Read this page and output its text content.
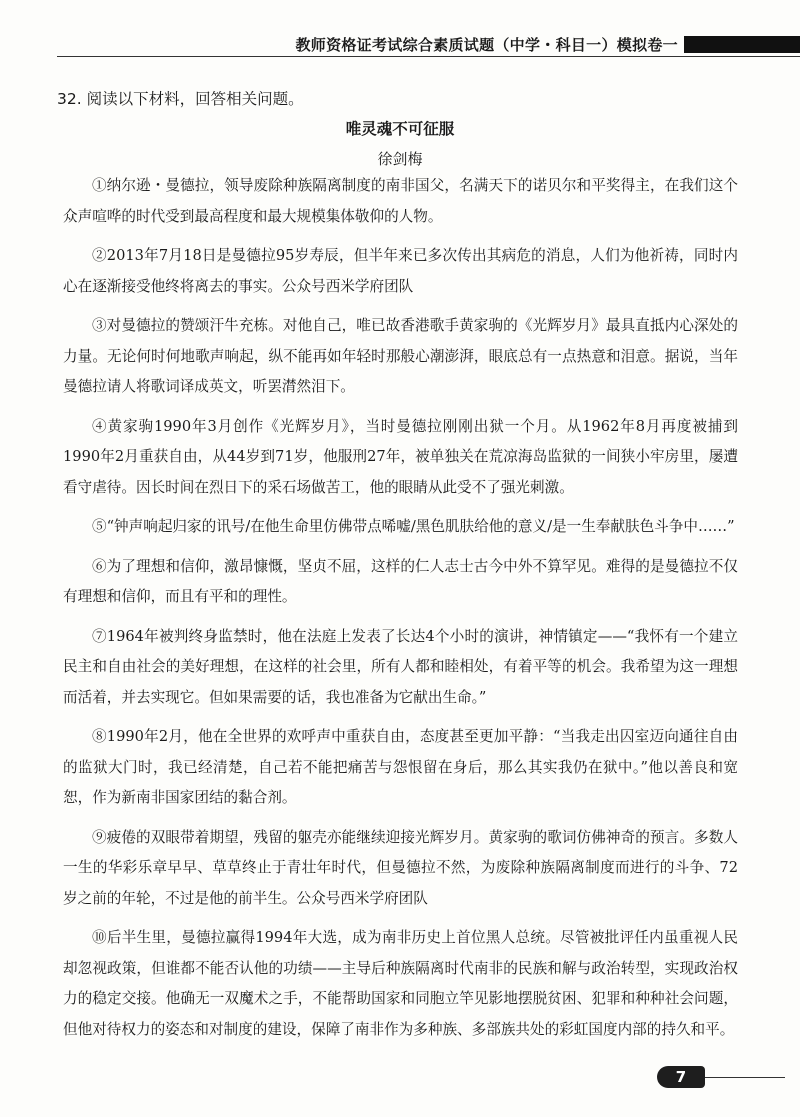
教师资格证考试综合素质试题（中学・科目一）模拟卷一
32. 阅读以下材料，回答相关问题。
唯灵魂不可征服
徐剑梅

①纳尔逊・曼德拉，领导废除种族隔离制度的南非国父，名满天下的诺贝尔和平奖得主，在我们这个众声喧哗的时代受到最高程度和最大规模集体敬仰的人物。

②2013年7月18日是曼德拉95岁寿辰，但半年来已多次传出其病危的消息，人们为他祈祷，同时内心在逐渐接受他终将离去的事实。公众号西米学府团队

③对曼德拉的赞颂汗牛充栋。对他自己，唯已故香港歌手黄家驹的《光辉岁月》最具直抵内心深处的力量。无论何时何地歌声响起，纵不能再如年轻时那般心潮澎湃，眼底总有一点热意和泪意。据说，当年曼德拉请人将歌词译成英文，听罢潸然泪下。

④黄家驹1990年3月创作《光辉岁月》，当时曼德拉刚刚出狱一个月。从1962年8月再度被捕到1990年2月重获自由，从44岁到71岁，他服刑27年，被单独关在荒凉海岛监狱的一间狭小牢房里，屡遭看守虐待。因长时间在烈日下的采石场做苦工，他的眼睛从此受不了强光刺激。

⑤“钟声响起归家的讯号/在他生命里仿佛带点唏嘘/黑色肌肤给他的意义/是一生奉献肤色斗争中……”

⑥为了理想和信仰，激昂慷慨，坚贞不屈，这样的仁人志士古今中外不算罕见。难得的是曼德拉不仅有理想和信仰，而且有平和的理性。

⑦1964年被判终身监禁时，他在法庭上发表了长达4个小时的演讲，神情镇定——“我怀有一个建立民主和自由社会的美好理想，在这样的社会里，所有人都和睦相处，有着平等的机会。我希望为这一理想而活着，并去实现它。但如果需要的话，我也准备为它献出生命。”

⑧1990年2月，他在全世界的欢呼声中重获自由，态度甚至更加平静：“当我走出囚室迈向通往自由的监狱大门时，我已经清楚，自己若不能把痛苦与怨恨留在身后，那么其实我仍在狱中。”他以善良和宽恕，作为新南非国家团结的黏合剂。

⑨疲倦的双眼带着期望，残留的躯壳亦能继续迎接光辉岁月。黄家驹的歌词仿佛神奇的预言。多数人一生的华彩乐章早早、草草终止于青壮年时代，但曼德拉不然，为废除种族隔离制度而进行的斗争、72岁之前的年轮，不过是他的前半生。公众号西米学府团队

⑩后半生里，曼德拉赢得1994年大选，成为南非历史上首位黑人总统。尽管被批评任内虽重视人民却忽视政策，但谁都不能否认他的功绩——主导后种族隔离时代南非的民族和解与政治转型，实现政治权力的稳定交接。他确无一双魔术之手，不能帮助国家和同胞立竿见影地摆脱贫困、犯罪和种种社会问题，但他对待权力的姿态和对制度的建设，保障了南非作为多种族、多部族共处的彩虹国度内部的持久和平。

7
